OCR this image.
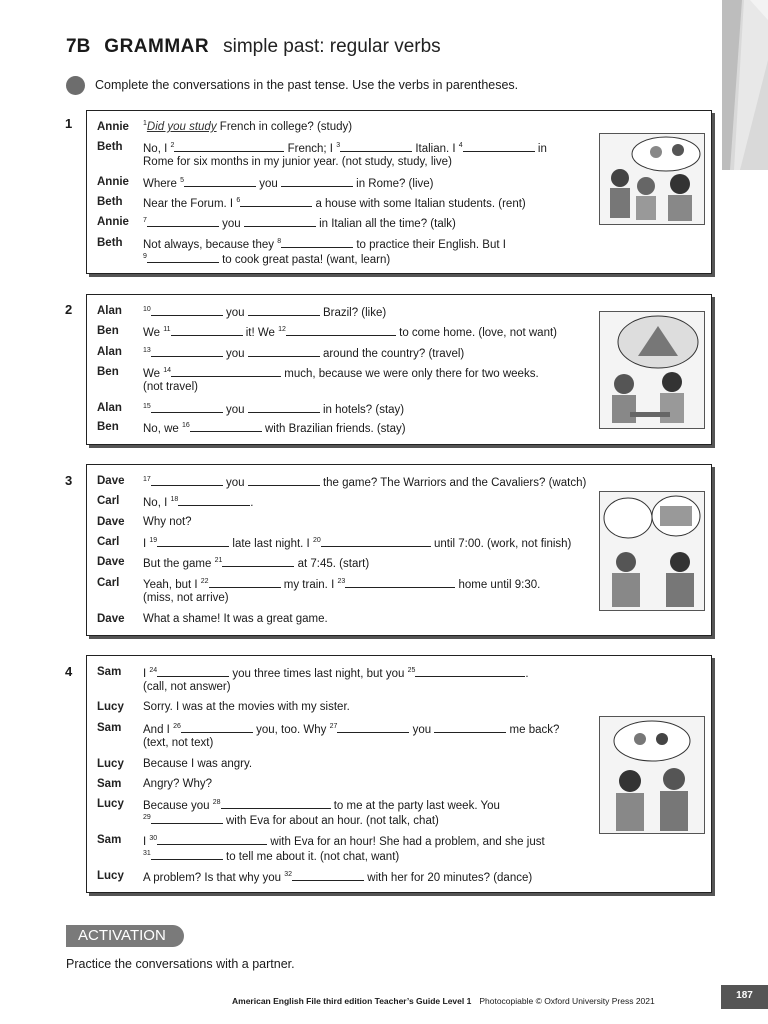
7B GRAMMAR simple past: regular verbs
Complete the conversations in the past tense. Use the verbs in parentheses.
1 Annie $^1$Did you study French in college? (study)
Beth No, I $^2$	French; I $^3$	Italian. I $^4$	in
Rome for six months in my junior year. (not study, study, live)
Annie Where $^5$	you	in Rome? (live)
Beth Near the Forum. I $^6$	a house with some Italian students. (rent)
Annie $^7$	you	in Italian all the time? (talk)
Beth Not always, because they $^8$	to practice their English. But I
$^9$	to cook great pasta! (want, learn)
2 Alan	$^{10}$	you	Brazil? (like)
Ben We $^{11}$	it! We $^{12}$	to come home. (love, not want)
Alan	$^{13}$	you	around the country? (travel)
Ben We $^{14}$	much, because we were only there for two weeks.
(not travel)
Alan	$^{15}$	you	in hotels? (stay)
Ben No, we $^{16}$	with Brazilian friends. (stay)
3 Dave	$^{17}$	you	the game? The Warriors and the Cavaliers? (watch)
Carl No, I $^{18}$	.
Dave Why not?
Carl I $^{19}$	late last night. I $^{20}$	until 7:00. (work, not finish)
Dave But the game $^{21}$	at 7:45. (start)
Carl Yeah, but I $^{22}$	my train. I $^{23}$	home until 9:30.
(miss, not arrive)
Dave What a shame! It was a great game.
4 Sam I $^{24}$	you three times last night, but you $^{25}$	.
(call, not answer)
Lucy Sorry. I was at the movies with my sister.
Sam And I $^{26}$	you, too. Why $^{27}$	you	me back?
(text, not text)
Lucy Because I was angry.
Sam Angry? Why?
Lucy Because you $^{28}$	to me at the party last week. You
$^{29}$	with Eva for about an hour. (not talk, chat)
Sam I $^{30}$	with Eva for an hour! She had a problem, and she just
$^{31}$	to tell me about it. (not chat, want)
Lucy A problem? Is that why you $^{32}$	with her for 20 minutes? (dance)
ACTIVATION
Practice the conversations with a partner.
American English File third edition Teacher’s Guide Level 1 Photocopiable © Oxford University Press 2021	187
